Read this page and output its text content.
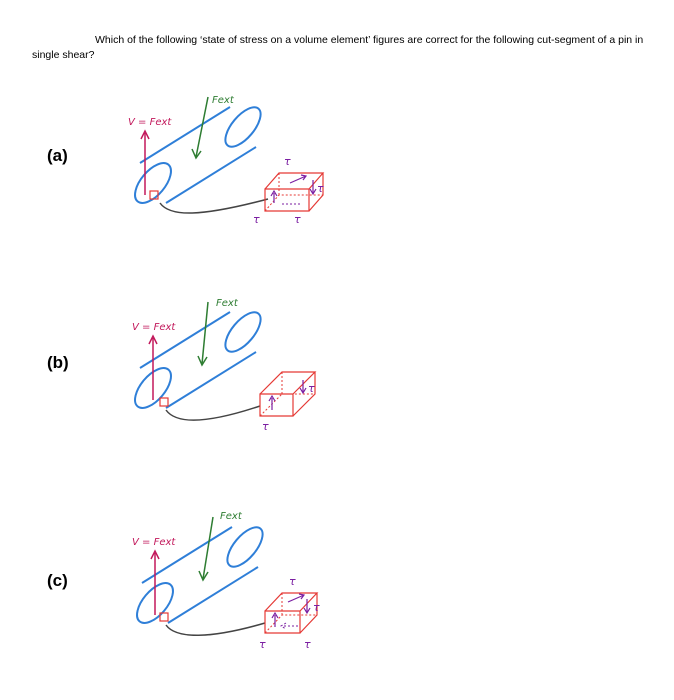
Which of the following ‘state of stress on a volume element’ figures are correct for the following cut-segment of a pin in single shear?

(a)
V = Fext
Fext
τ
τ
τ	τ
(b)
V = Fext
Fext
τ
τ
(c)
V = Fext
Fext
τ
τ
τ	τ
